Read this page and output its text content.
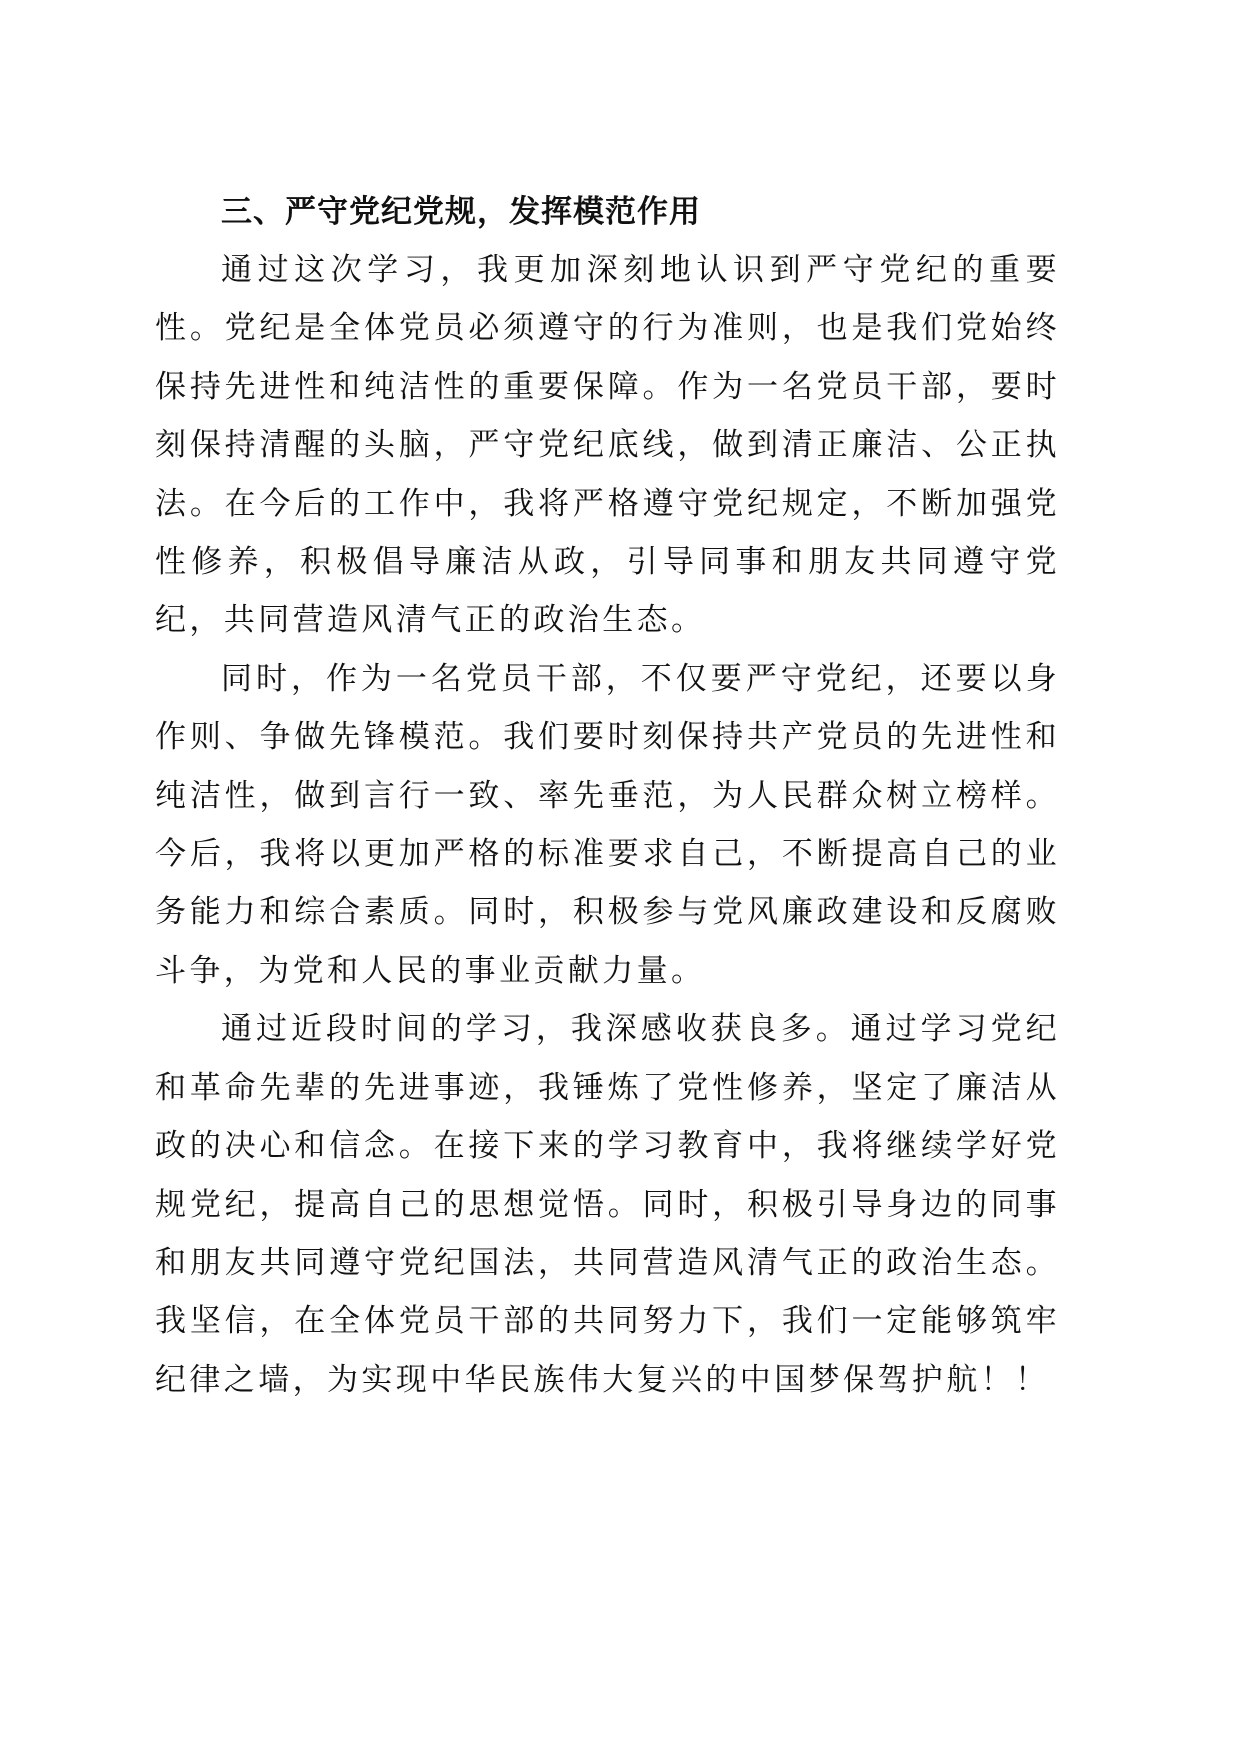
三、严守党纪党规，发挥模范作用

通过这次学习，我更加深刻地认识到严守党纪的重要性。党纪是全体党员必须遵守的行为准则，也是我们党始终保持先进性和纯洁性的重要保障。作为一名党员干部，要时刻保持清醒的头脑，严守党纪底线，做到清正廉洁、公正执法。在今后的工作中，我将严格遵守党纪规定，不断加强党性修养，积极倡导廉洁从政，引导同事和朋友共同遵守党纪，共同营造风清气正的政治生态。

同时，作为一名党员干部，不仅要严守党纪，还要以身作则、争做先锋模范。我们要时刻保持共产党员的先进性和纯洁性，做到言行一致、率先垂范，为人民群众树立榜样。今后，我将以更加严格的标准要求自己，不断提高自己的业务能力和综合素质。同时，积极参与党风廉政建设和反腐败斗争，为党和人民的事业贡献力量。

通过近段时间的学习，我深感收获良多。通过学习党纪和革命先辈的先进事迹，我锤炼了党性修养，坚定了廉洁从政的决心和信念。在接下来的学习教育中，我将继续学好党规党纪，提高自己的思想觉悟。同时，积极引导身边的同事和朋友共同遵守党纪国法，共同营造风清气正的政治生态。我坚信，在全体党员干部的共同努力下，我们一定能够筑牢纪律之墙，为实现中华民族伟大复兴的中国梦保驾护航！！
